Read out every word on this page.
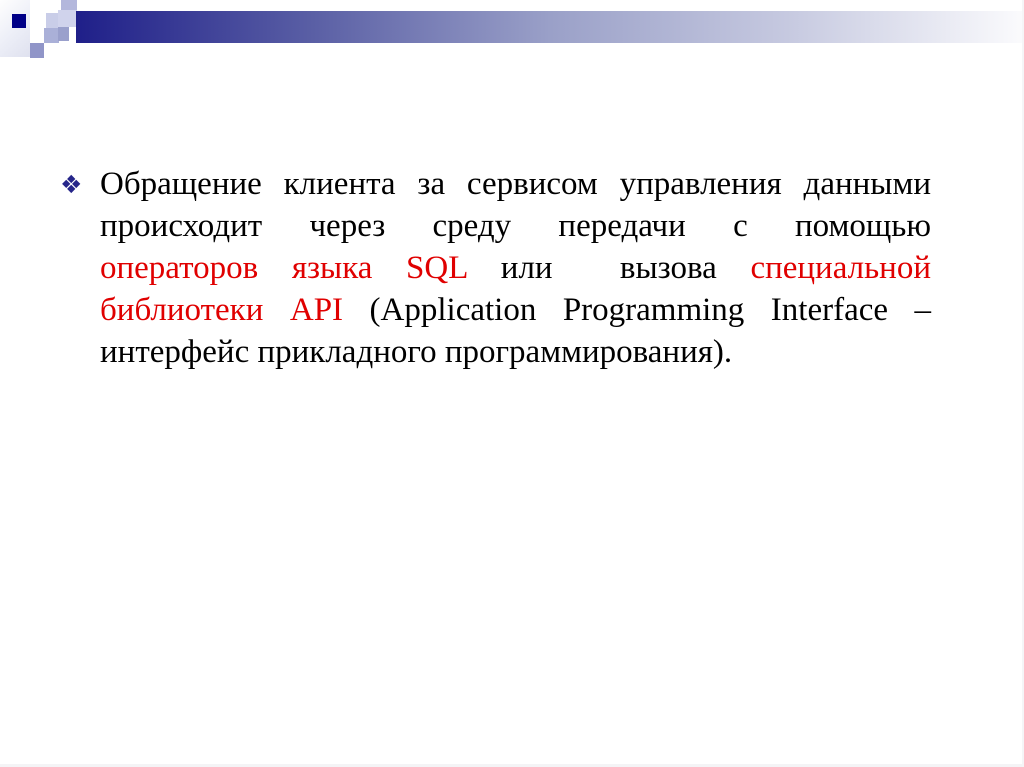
❖ Обращение клиента за сервисом управления данными
происходит через среду передачи с помощью
операторов языка SQL или  вызова специальной
библиотеки API (Application Programming Interface –
интерфейс прикладного программирования).
